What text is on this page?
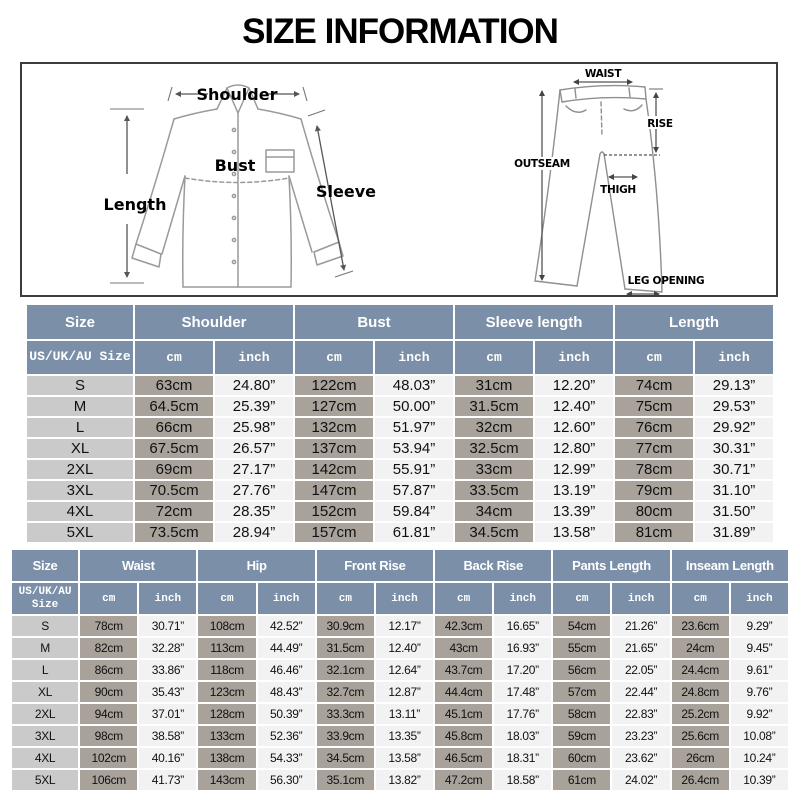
SIZE INFORMATION
Shoulder
Length
Bust
Sleeve
WAIST
RISE
OUTSEAM
THIGH
LEG OPENING
Size	Shoulder		Bust		Sleeve length		Length	
US/UK/AU Size	cm	inch	cm	inch	cm	inch	cm	inch
S	63cm	24.80”	122cm	48.03”	31cm	12.20”	74cm	29.13”
M	64.5cm	25.39”	127cm	50.00”	31.5cm	12.40”	75cm	29.53”
L	66cm	25.98”	132cm	51.97”	32cm	12.60”	76cm	29.92”
XL	67.5cm	26.57”	137cm	53.94”	32.5cm	12.80”	77cm	30.31”
2XL	69cm	27.17”	142cm	55.91”	33cm	12.99”	78cm	30.71”
3XL	70.5cm	27.76”	147cm	57.87”	33.5cm	13.19”	79cm	31.10”
4XL	72cm	28.35”	152cm	59.84”	34cm	13.39”	80cm	31.50”
5XL	73.5cm	28.94”	157cm	61.81”	34.5cm	13.58”	81cm	31.89”
Size	Waist		Hip		Front Rise		Back Rise		Pants Length		Inseam Length	
US/UK/AU Size	cm	inch	cm	inch	cm	inch	cm	inch	cm	inch	cm	inch
S	78cm	30.71”	108cm	42.52”	30.9cm	12.17”	42.3cm	16.65”	54cm	21.26”	23.6cm	9.29”
M	82cm	32.28”	113cm	44.49”	31.5cm	12.40”	43cm	16.93”	55cm	21.65”	24cm	9.45”
L	86cm	33.86”	118cm	46.46”	32.1cm	12.64”	43.7cm	17.20”	56cm	22.05”	24.4cm	9.61”
XL	90cm	35.43”	123cm	48.43”	32.7cm	12.87”	44.4cm	17.48”	57cm	22.44”	24.8cm	9.76”
2XL	94cm	37.01”	128cm	50.39”	33.3cm	13.11”	45.1cm	17.76”	58cm	22.83”	25.2cm	9.92”
3XL	98cm	38.58”	133cm	52.36”	33.9cm	13.35”	45.8cm	18.03”	59cm	23.23”	25.6cm	10.08”
4XL	102cm	40.16”	138cm	54.33”	34.5cm	13.58”	46.5cm	18.31”	60cm	23.62”	26cm	10.24”
5XL	106cm	41.73”	143cm	56.30”	35.1cm	13.82”	47.2cm	18.58”	61cm	24.02”	26.4cm	10.39”
